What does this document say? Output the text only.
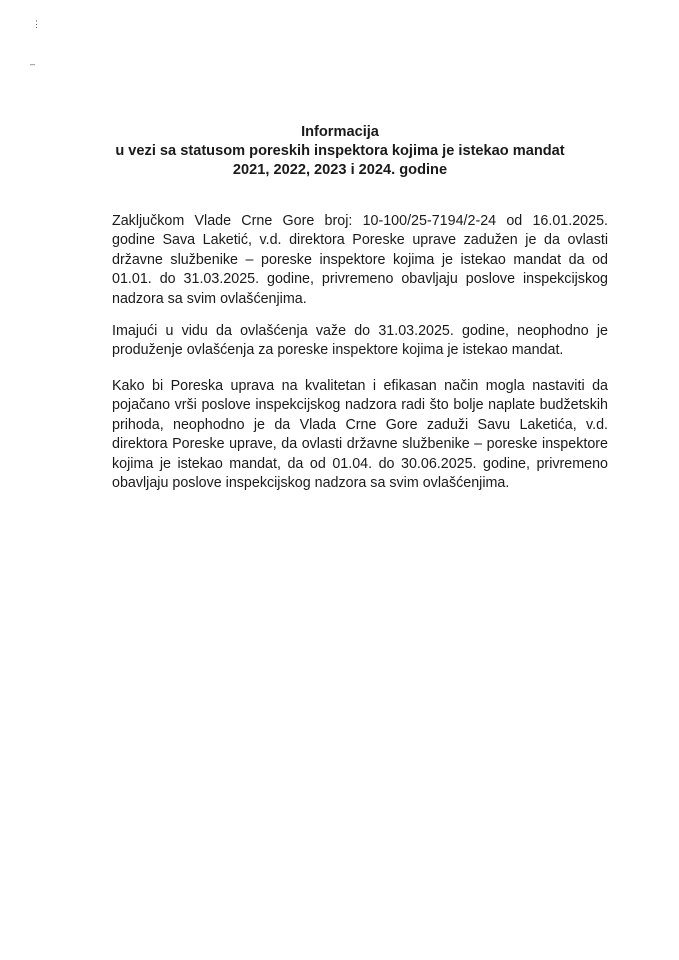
⋮
–
Informacija
u vezi sa statusom poreskih inspektora kojima je istekao mandat
2021, 2022, 2023 i 2024. godine

Zaključkom Vlade Crne Gore broj: 10-100/25-7194/2-24 od 16.01.2025. godine Sava Laketić, v.d. direktora Poreske uprave zadužen je da ovlasti državne službenike – poreske inspektore kojima je istekao mandat da od 01.01. do 31.03.2025. godine, privremeno obavljaju poslove inspekcijskog nadzora sa svim ovlašćenjima.

Imajući u vidu da ovlašćenja važe do 31.03.2025. godine, neophodno je produženje ovlašćenja za poreske inspektore kojima je istekao mandat.

Kako bi Poreska uprava na kvalitetan i efikasan način mogla nastaviti da pojačano vrši poslove inspekcijskog nadzora radi što bolje naplate budžetskih prihoda, neophodno je da Vlada Crne Gore zaduži Savu Laketića, v.d. direktora Poreske uprave, da ovlasti državne službenike – poreske inspektore kojima je istekao mandat, da od 01.04. do 30.06.2025. godine, privremeno obavljaju poslove inspekcijskog nadzora sa svim ovlašćenjima.
